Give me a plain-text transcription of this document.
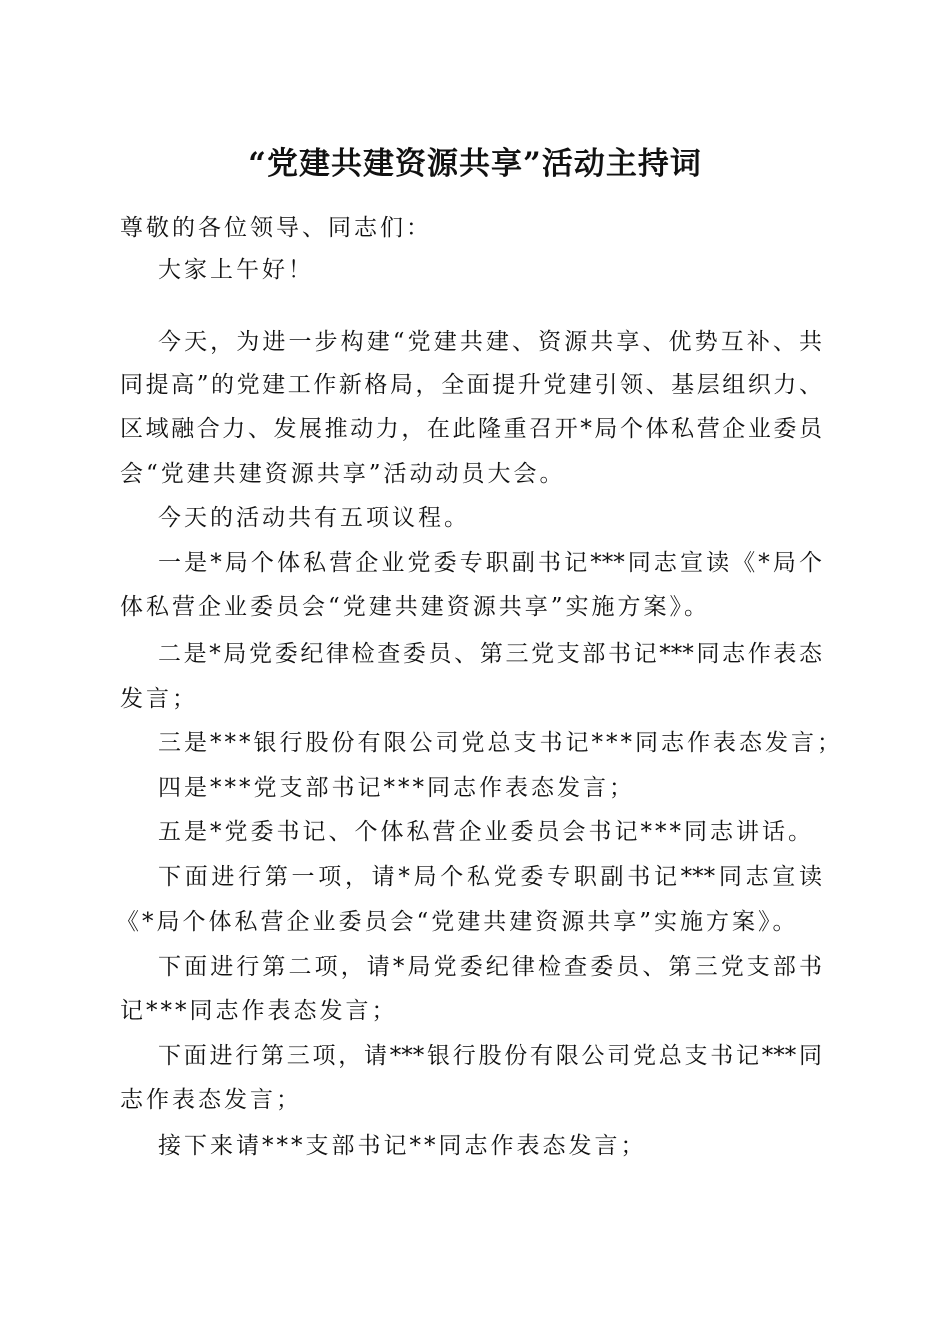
“党建共建资源共享”活动主持词
尊敬的各位领导、同志们：
大家上午好！
今天，为进一步构建“党建共建、资源共享、优势互补、共
同提高”的党建工作新格局，全面提升党建引领、基层组织力、
区域融合力、发展推动力，在此隆重召开*局个体私营企业委员
会“党建共建资源共享”活动动员大会。
今天的活动共有五项议程。
一是*局个体私营企业党委专职副书记***同志宣读《*局个
体私营企业委员会“党建共建资源共享”实施方案》。
二是*局党委纪律检查委员、第三党支部书记***同志作表态
发言；
三是***银行股份有限公司党总支书记***同志作表态发言；
四是***党支部书记***同志作表态发言；
五是*党委书记、个体私营企业委员会书记***同志讲话。
下面进行第一项，请*局个私党委专职副书记***同志宣读
《*局个体私营企业委员会“党建共建资源共享”实施方案》。
下面进行第二项，请*局党委纪律检查委员、第三党支部书
记***同志作表态发言；
下面进行第三项，请***银行股份有限公司党总支书记***同
志作表态发言；
接下来请***支部书记**同志作表态发言；
